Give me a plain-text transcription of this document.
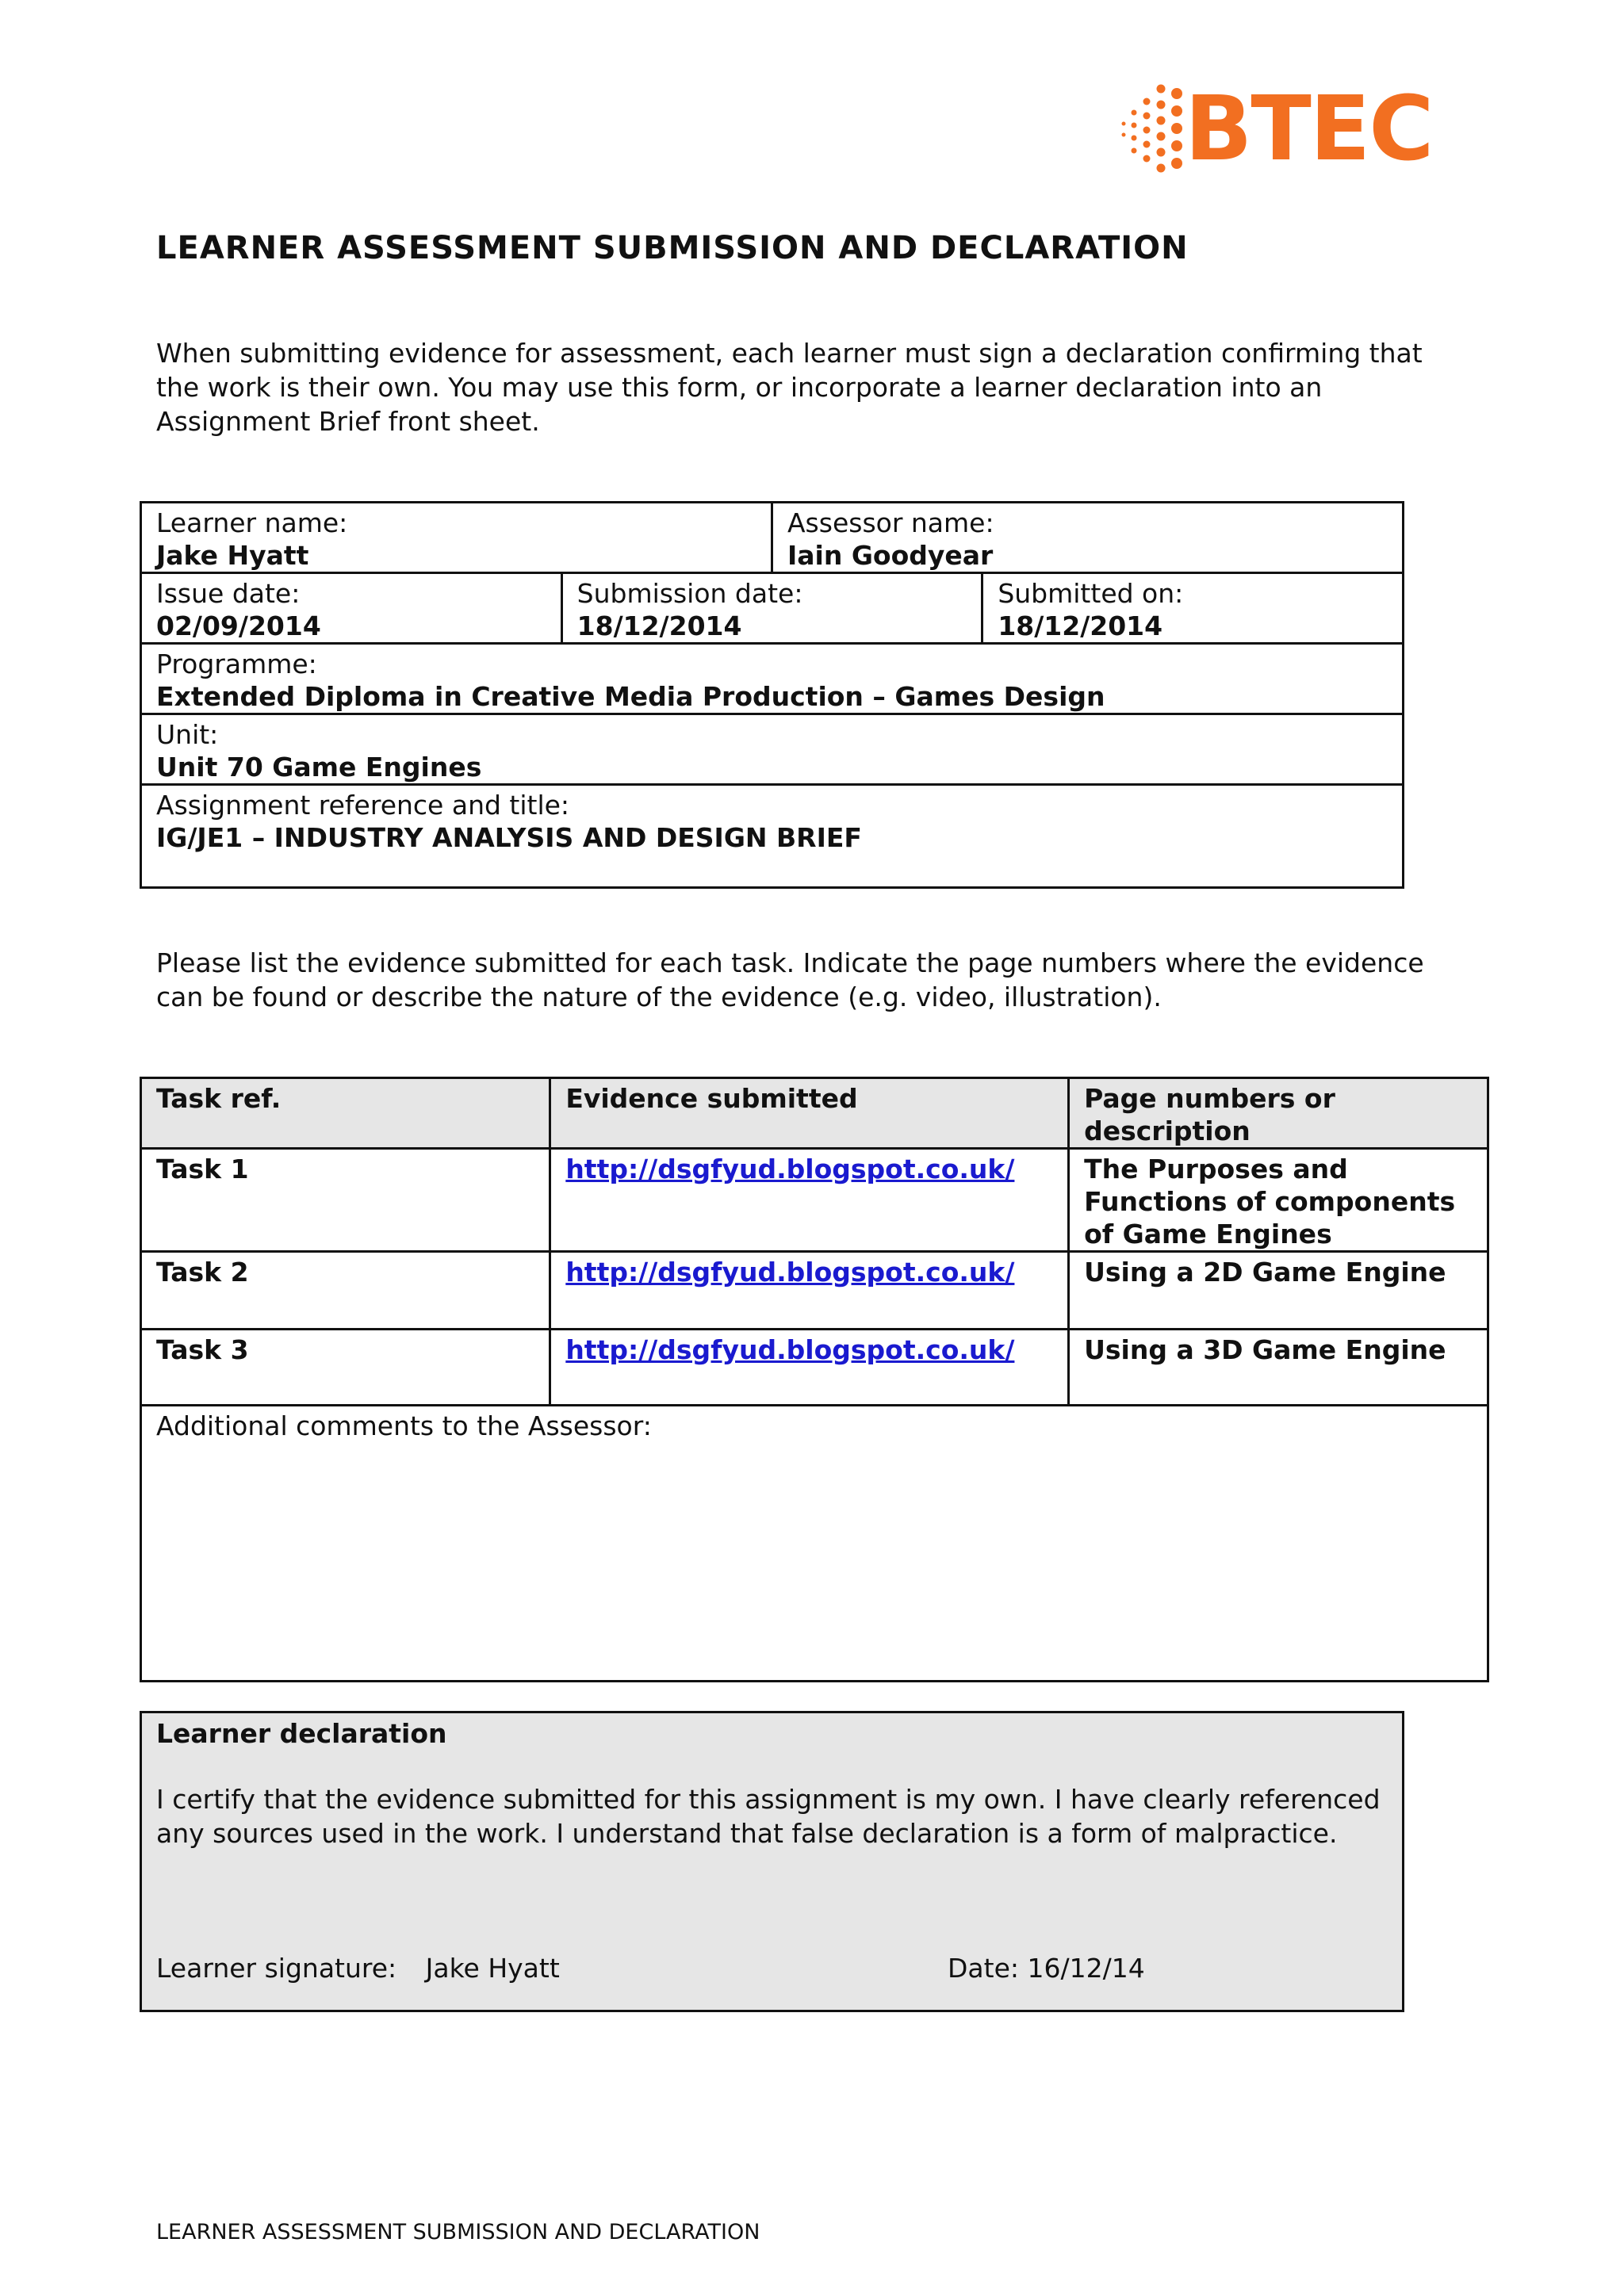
BTEC
LEARNER ASSESSMENT SUBMISSION AND DECLARATION
When submitting evidence for assessment, each learner must sign a declaration confirming that the work is their own. You may use this form, or incorporate a learner declaration into an Assignment Brief front sheet.
Learner name:
Jake Hyatt		Assessor name:
Iain Goodyear	

Issue date:
02/09/2014	Submission date:
18/12/2014		Submitted on:
18/12/2014

Programme:
Extended Diploma in Creative Media Production – Games Design			

Unit:
Unit 70 Game Engines			

Assignment reference and title:
IG/JE1 – INDUSTRY ANALYSIS AND DESIGN BRIEF			
Please list the evidence submitted for each task. Indicate the page numbers where the evidence can be found or describe the nature of the evidence (e.g. video, illustration).
Task ref.	Evidence submitted	Page numbers or description
Task 1	http://dsgfyud.blogspot.co.uk/	The Purposes and Functions of components of Game Engines
Task 2	http://dsgfyud.blogspot.co.uk/	Using a 2D Game Engine
Task 3	http://dsgfyud.blogspot.co.uk/	Using a 3D Game Engine
Additional comments to the Assessor:		
Learner declaration
I certify that the evidence submitted for this assignment is my own. I have clearly referenced any sources used in the work. I understand that false declaration is a form of malpractice.
Learner signature: Jake Hyatt	Date: 16/12/14
LEARNER ASSESSMENT SUBMISSION AND DECLARATION
